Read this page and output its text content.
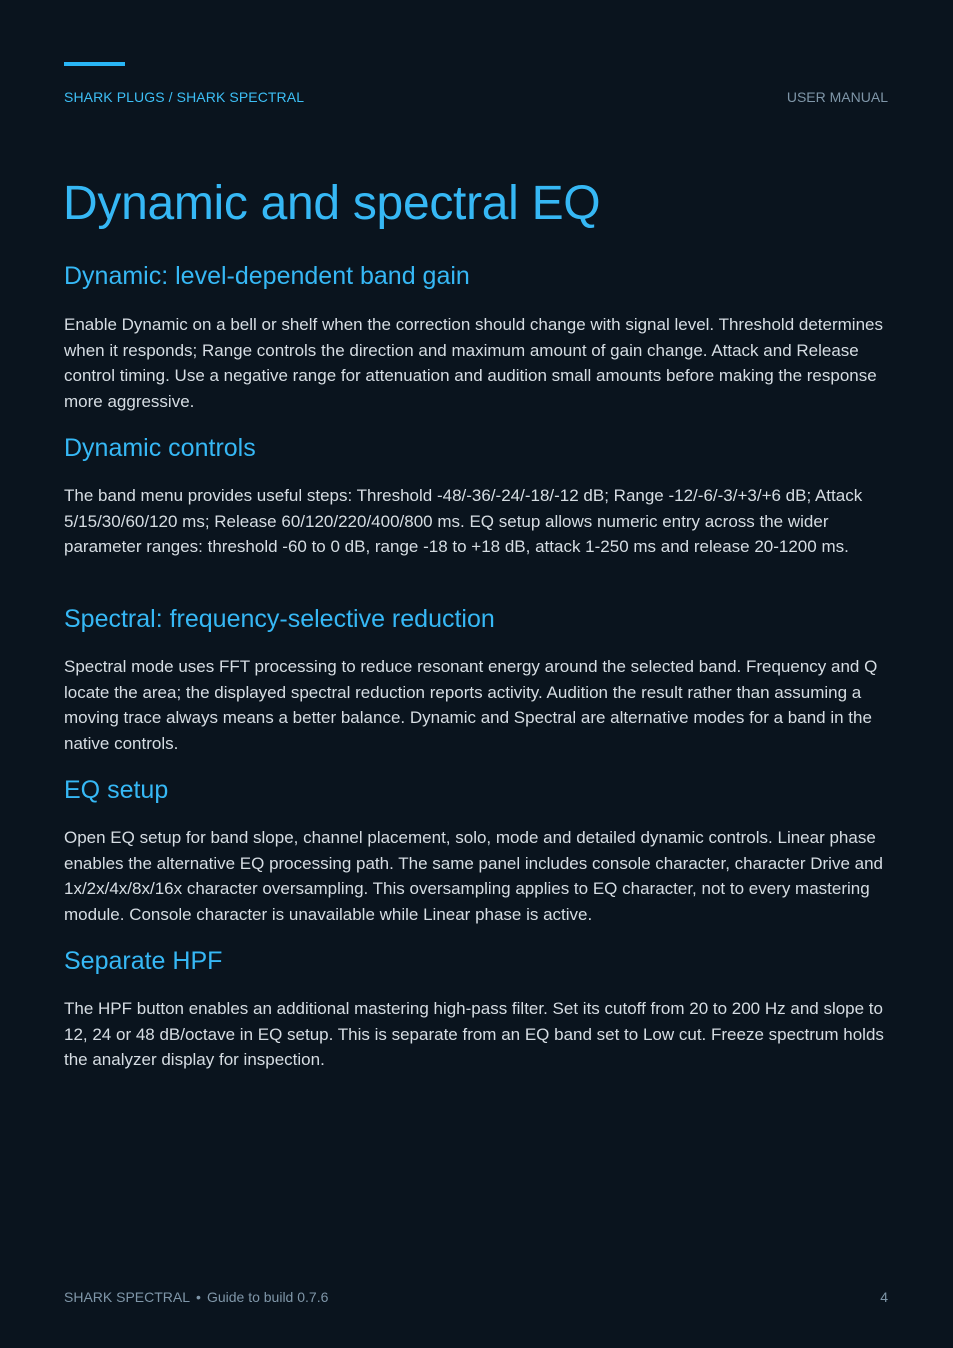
SHARK PLUGS / SHARK SPECTRAL	USER MANUAL
Dynamic and spectral EQ
Dynamic: level-dependent band gain

Enable Dynamic on a bell or shelf when the correction should change with signal level. Threshold determines when it responds; Range controls the direction and maximum amount of gain change. Attack and Release control timing. Use a negative range for attenuation and audition small amounts before making the response more aggressive.

Dynamic controls

The band menu provides useful steps: Threshold -48/-36/-24/-18/-12 dB; Range -12/-6/-3/+3/+6 dB; Attack 5/15/30/60/120 ms; Release 60/120/220/400/800 ms. EQ setup allows numeric entry across the wider parameter ranges: threshold -60 to 0 dB, range -18 to +18 dB, attack 1-250 ms and release 20-1200 ms.

Spectral: frequency-selective reduction

Spectral mode uses FFT processing to reduce resonant energy around the selected band. Frequency and Q locate the area; the displayed spectral reduction reports activity. Audition the result rather than assuming a moving trace always means a better balance. Dynamic and Spectral are alternative modes for a band in the native controls.

EQ setup

Open EQ setup for band slope, channel placement, solo, mode and detailed dynamic controls. Linear phase enables the alternative EQ processing path. The same panel includes console character, character Drive and 1x/2x/4x/8x/16x character oversampling. This oversampling applies to EQ character, not to every mastering module. Console character is unavailable while Linear phase is active.

Separate HPF

The HPF button enables an additional mastering high-pass filter. Set its cutoff from 20 to 200 Hz and slope to 12, 24 or 48 dB/octave in EQ setup. This is separate from an EQ band set to Low cut. Freeze spectrum holds the analyzer display for inspection.

SHARK SPECTRAL • Guide to build 0.7.6	4
